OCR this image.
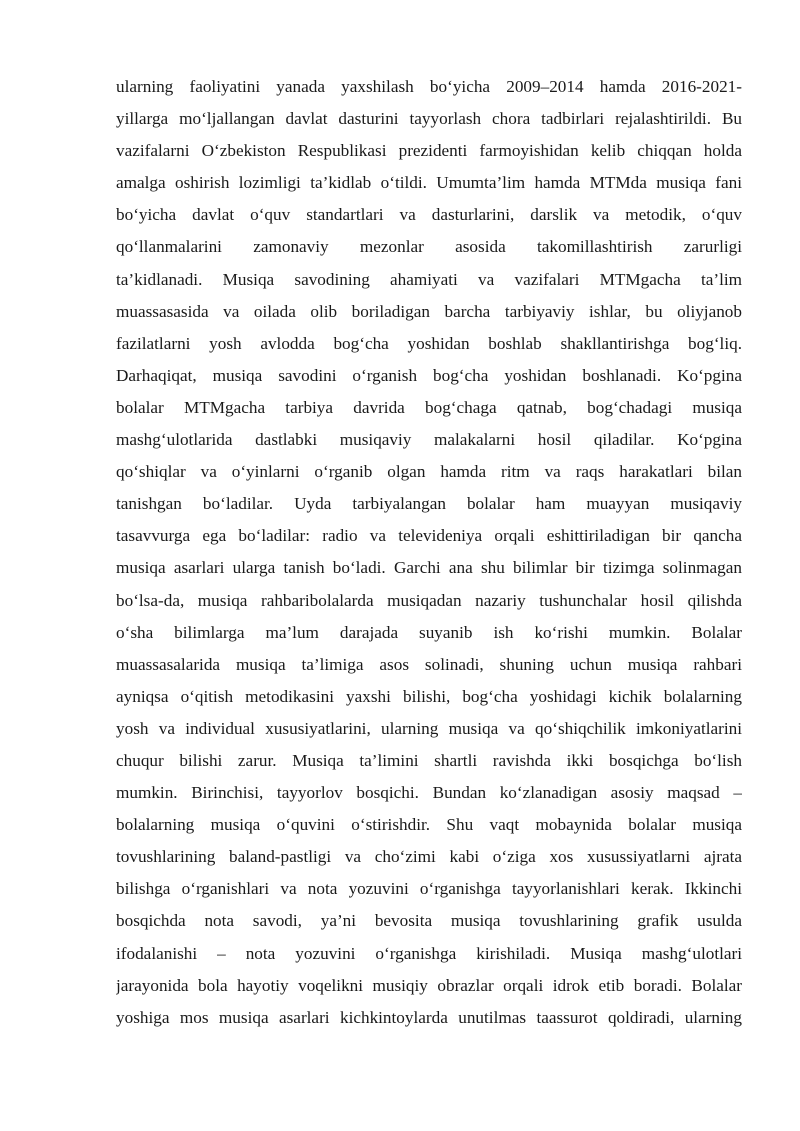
ularning faoliyatini yanada yaxshilash bo‘yicha 2009–2014 hamda 2016-2021-
yillarga mo‘ljallangan davlat dasturini tayyorlash chora tadbirlari rejalashtirildi. Bu
vazifalarni O‘zbekiston Respublikasi prezidenti farmoyishidan kelib chiqqan holda
amalga oshirish lozimligi ta’kidlab o‘tildi. Umumta’lim hamda MTMda musiqa fani
bo‘yicha davlat o‘quv standartlari va dasturlarini, darslik va metodik, o‘quv
qo‘llanmalarini zamonaviy mezonlar asosida takomillashtirish zarurligi
ta’kidlanadi. Musiqa savodining ahamiyati va vazifalari MTMgacha ta’lim
muassasasida va oilada olib boriladigan barcha tarbiyaviy ishlar, bu oliyjanob
fazilatlarni yosh avlodda bog‘cha yoshidan boshlab shakllantirishga bog‘liq.
Darhaqiqat, musiqa savodini o‘rganish bog‘cha yoshidan boshlanadi. Ko‘pgina
bolalar MTMgacha tarbiya davrida bog‘chaga qatnab, bog‘chadagi musiqa
mashg‘ulotlarida dastlabki musiqaviy malakalarni hosil qiladilar. Ko‘pgina
qo‘shiqlar va o‘yinlarni o‘rganib olgan hamda ritm va raqs harakatlari bilan
tanishgan bo‘ladilar. Uyda tarbiyalangan bolalar ham muayyan musiqaviy
tasavvurga ega bo‘ladilar: radio va televideniya orqali eshittiriladigan bir qancha
musiqa asarlari ularga tanish bo‘ladi. Garchi ana shu bilimlar bir tizimga solinmagan
bo‘lsa-da, musiqa rahbaribolalarda musiqadan nazariy tushunchalar hosil qilishda
o‘sha bilimlarga ma’lum darajada suyanib ish ko‘rishi mumkin. Bolalar
muassasalarida musiqa ta’limiga asos solinadi, shuning uchun musiqa rahbari
ayniqsa o‘qitish metodikasini yaxshi bilishi, bog‘cha yoshidagi kichik bolalarning
yosh va individual xususiyatlarini, ularning musiqa va qo‘shiqchilik imkoniyatlarini
chuqur bilishi zarur. Musiqa ta’limini shartli ravishda ikki bosqichga bo‘lish
mumkin. Birinchisi, tayyorlov bosqichi. Bundan ko‘zlanadigan asosiy maqsad –
bolalarning musiqa o‘quvini o‘stirishdir. Shu vaqt mobaynida bolalar musiqa
tovushlarining baland-pastligi va cho‘zimi kabi o‘ziga xos xusussiyatlarni ajrata
bilishga o‘rganishlari va nota yozuvini o‘rganishga tayyorlanishlari kerak. Ikkinchi
bosqichda nota savodi, ya’ni bevosita musiqa tovushlarining grafik usulda
ifodalanishi – nota yozuvini o‘rganishga kirishiladi. Musiqa mashg‘ulotlari
jarayonida bola hayotiy voqelikni musiqiy obrazlar orqali idrok etib boradi. Bolalar
yoshiga mos musiqa asarlari kichkintoylarda unutilmas taassurot qoldiradi, ularning
